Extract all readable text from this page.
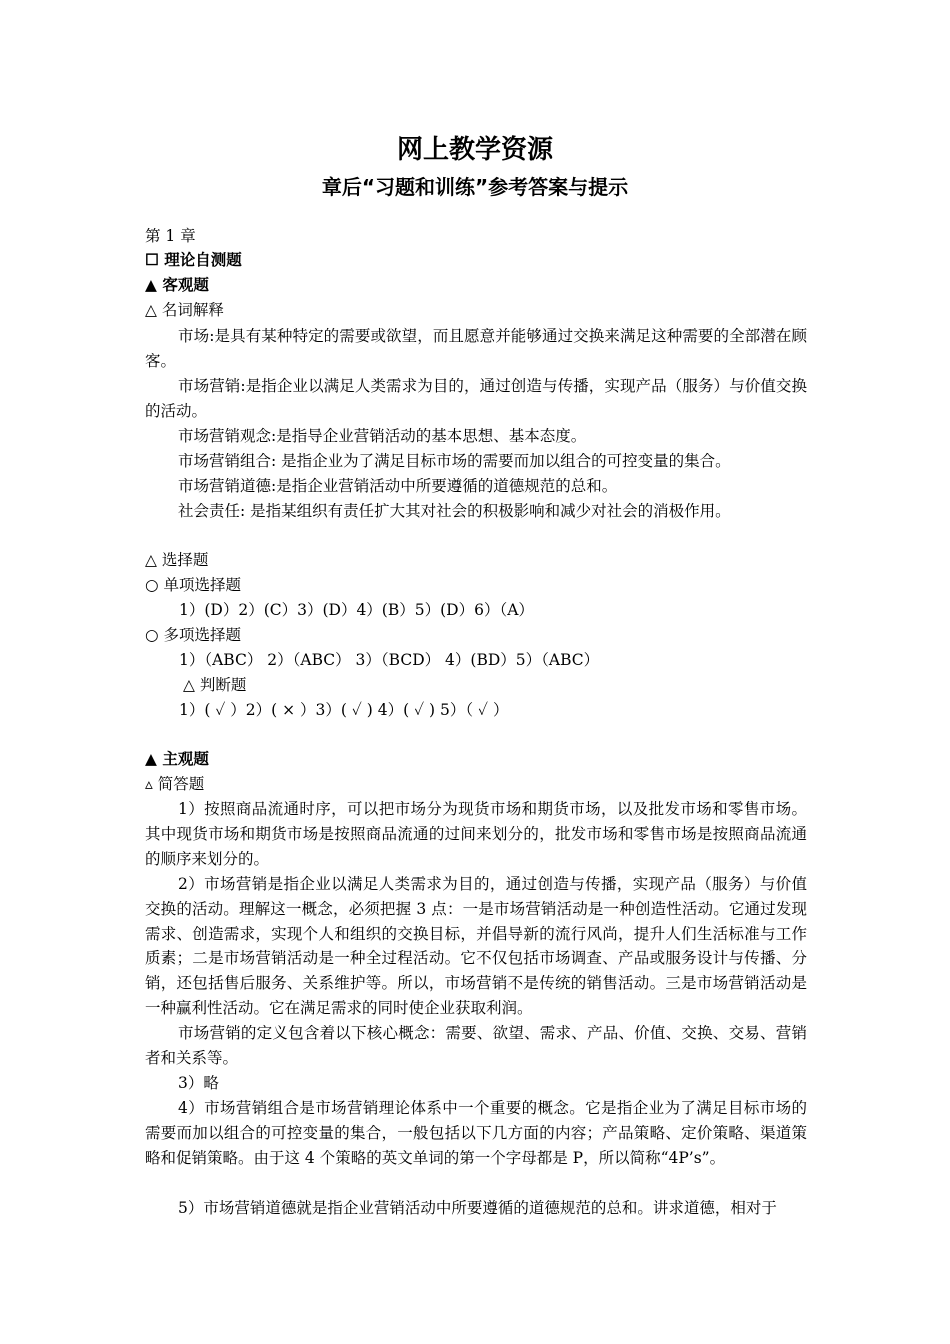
网上教学资源
章后“习题和训练”参考答案与提示
第 1 章
☐ 理论自测题
▲ 客观题
△ 名词解释
市场:是具有某种特定的需要或欲望，而且愿意并能够通过交换来满足这种需要的全部潜在顾客。
市场营销:是指企业以满足人类需求为目的，通过创造与传播，实现产品（服务）与价值交换的活动。
市场营销观念:是指导企业营销活动的基本思想、基本态度。
市场营销组合: 是指企业为了满足目标市场的需要而加以组合的可控变量的集合。
市场营销道德:是指企业营销活动中所要遵循的道德规范的总和。
社会责任: 是指某组织有责任扩大其对社会的积极影响和减少对社会的消极作用。
△ 选择题
○ 单项选择题
1）(D）2）(C）3）(D）4）(B）5）(D）6）（A）
○ 多项选择题
1）（ABC） 2）（ABC） 3）（BCD） 4）(BD）5）（ABC）
△ 判断题
1）( ✓ ）2）( × ）3）( ✓ ) 4）( ✓ ) 5）（ ✓ ）
▲ 主观题
▵ 简答题
1）按照商品流通时序，可以把市场分为现货市场和期货市场，以及批发市场和零售市场。其中现货市场和期货市场是按照商品流通的过间来划分的，批发市场和零售市场是按照商品流通的顺序来划分的。
2）市场营销是指企业以满足人类需求为目的，通过创造与传播，实现产品（服务）与价值交换的活动。理解这一概念，必须把握 3 点：一是市场营销活动是一种创造性活动。它通过发现需求、创造需求，实现个人和组织的交换目标，并倡导新的流行风尚，提升人们生活标准与工作质素；二是市场营销活动是一种全过程活动。它不仅包括市场调查、产品或服务设计与传播、分销，还包括售后服务、关系维护等。所以，市场营销不是传统的销售活动。三是市场营销活动是一种赢利性活动。它在满足需求的同时使企业获取利润。
市场营销的定义包含着以下核心概念：需要、欲望、需求、产品、价值、交换、交易、营销者和关系等。
3）略
4）市场营销组合是市场营销理论体系中一个重要的概念。它是指企业为了满足目标市场的需要而加以组合的可控变量的集合，一般包括以下几方面的内容；产品策略、定价策略、渠道策略和促销策略。由于这 4 个策略的英文单词的第一个字母都是 P，所以简称“4P’s”。
5）市场营销道德就是指企业营销活动中所要遵循的道德规范的总和。讲求道德，相对于
